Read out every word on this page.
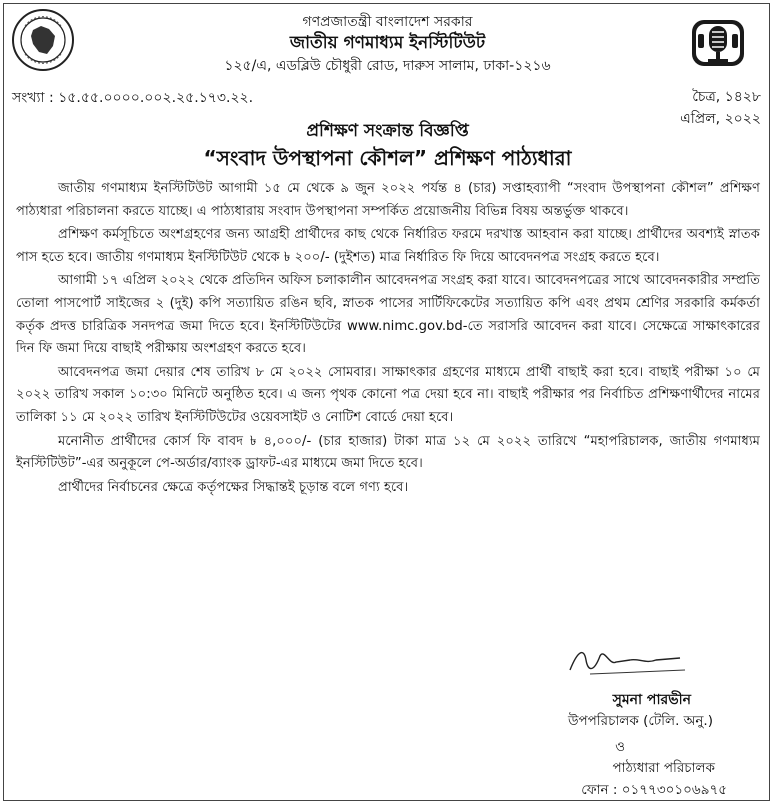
গণপ্রজাতন্ত্রী বাংলাদেশ সরকার
জাতীয় গণমাধ্যম ইনস্টিটিউট
১২৫/এ, এডব্লিউ চৌধুরী রোড, দারুস সালাম, ঢাকা-১২১৬
সংখ্যা : ১৫.৫৫.০০০০.০০২.২৫.১৭৩.২২.	চৈত্র, ১৪২৮
এপ্রিল, ২০২২
প্রশিক্ষণ সংক্রান্ত বিজ্ঞপ্তি
“সংবাদ উপস্থাপনা কৌশল” প্রশিক্ষণ পাঠ্যধারা

জাতীয় গণমাধ্যম ইনস্টিটিউট আগামী ১৫ মে থেকে ৯ জুন ২০২২ পর্যন্ত ৪ (চার) সপ্তাহব্যাপী “সংবাদ উপস্থাপনা কৌশল” প্রশিক্ষণ পাঠ্যধারা পরিচালনা করতে যাচ্ছে। এ পাঠ্যধারায় সংবাদ উপস্থাপনা সম্পর্কিত প্রয়োজনীয় বিভিন্ন বিষয় অন্তর্ভুক্ত থাকবে।

প্রশিক্ষণ কর্মসূচিতে অংশগ্রহণের জন্য আগ্রহী প্রার্থীদের কাছ থেকে নির্ধারিত ফরমে দরখাস্ত আহবান করা যাচ্ছে। প্রার্থীদের অবশ্যই স্নাতক পাস হতে হবে। জাতীয় গণমাধ্যম ইনস্টিটিউট থেকে ৳ ২০০/- (দুইশত) মাত্র নির্ধারিত ফি দিয়ে আবেদনপত্র সংগ্রহ করতে হবে।

আগামী ১৭ এপ্রিল ২০২২ থেকে প্রতিদিন অফিস চলাকালীন আবেদনপত্র সংগ্রহ করা যাবে। আবেদনপত্রের সাথে আবেদনকারীর সম্প্রতি তোলা পাসপোর্ট সাইজের ২ (দুই) কপি সত্যায়িত রঙিন ছবি, স্নাতক পাসের সার্টিফিকেটের সত্যায়িত কপি এবং প্রথম শ্রেণির সরকারি কর্মকর্তা কর্তৃক প্রদত্ত চারিত্রিক সনদপত্র জমা দিতে হবে। ইনস্টিটিউটের www.nimc.gov.bd-তে সরাসরি আবেদন করা যাবে। সেক্ষেত্রে সাক্ষাৎকারের দিন ফি জমা দিয়ে বাছাই পরীক্ষায় অংশগ্রহণ করতে হবে।

আবেদনপত্র জমা দেয়ার শেষ তারিখ ৮ মে ২০২২ সোমবার। সাক্ষাৎকার গ্রহণের মাধ্যমে প্রার্থী বাছাই করা হবে। বাছাই পরীক্ষা ১০ মে ২০২২ তারিখ সকাল ১০:৩০ মিনিটে অনুষ্ঠিত হবে। এ জন্য পৃথক কোনো পত্র দেয়া হবে না। বাছাই পরীক্ষার পর নির্বাচিত প্রশিক্ষণার্থীদের নামের তালিকা ১১ মে ২০২২ তারিখ ইনস্টিটিউটের ওয়েবসাইট ও নোটিশ বোর্ডে দেয়া হবে।

মনোনীত প্রার্থীদের কোর্স ফি বাবদ ৳ ৪,০০০/- (চার হাজার) টাকা মাত্র ১২ মে ২০২২ তারিখে “মহাপরিচালক, জাতীয় গণমাধ্যম ইনস্টিটিউট”-এর অনুকূলে পে-অর্ডার/ব্যাংক ড্রাফট-এর মাধ্যমে জমা দিতে হবে।

প্রার্থীদের নির্বাচনের ক্ষেত্রে কর্তৃপক্ষের সিদ্ধান্তই চূড়ান্ত বলে গণ্য হবে।

সুমনা পারভীন
উপপরিচালক (টেলি. অনু.)
ও
পাঠ্যধারা পরিচালক
ফোন : ০১৭৭৩০১০৬৯৭৫
